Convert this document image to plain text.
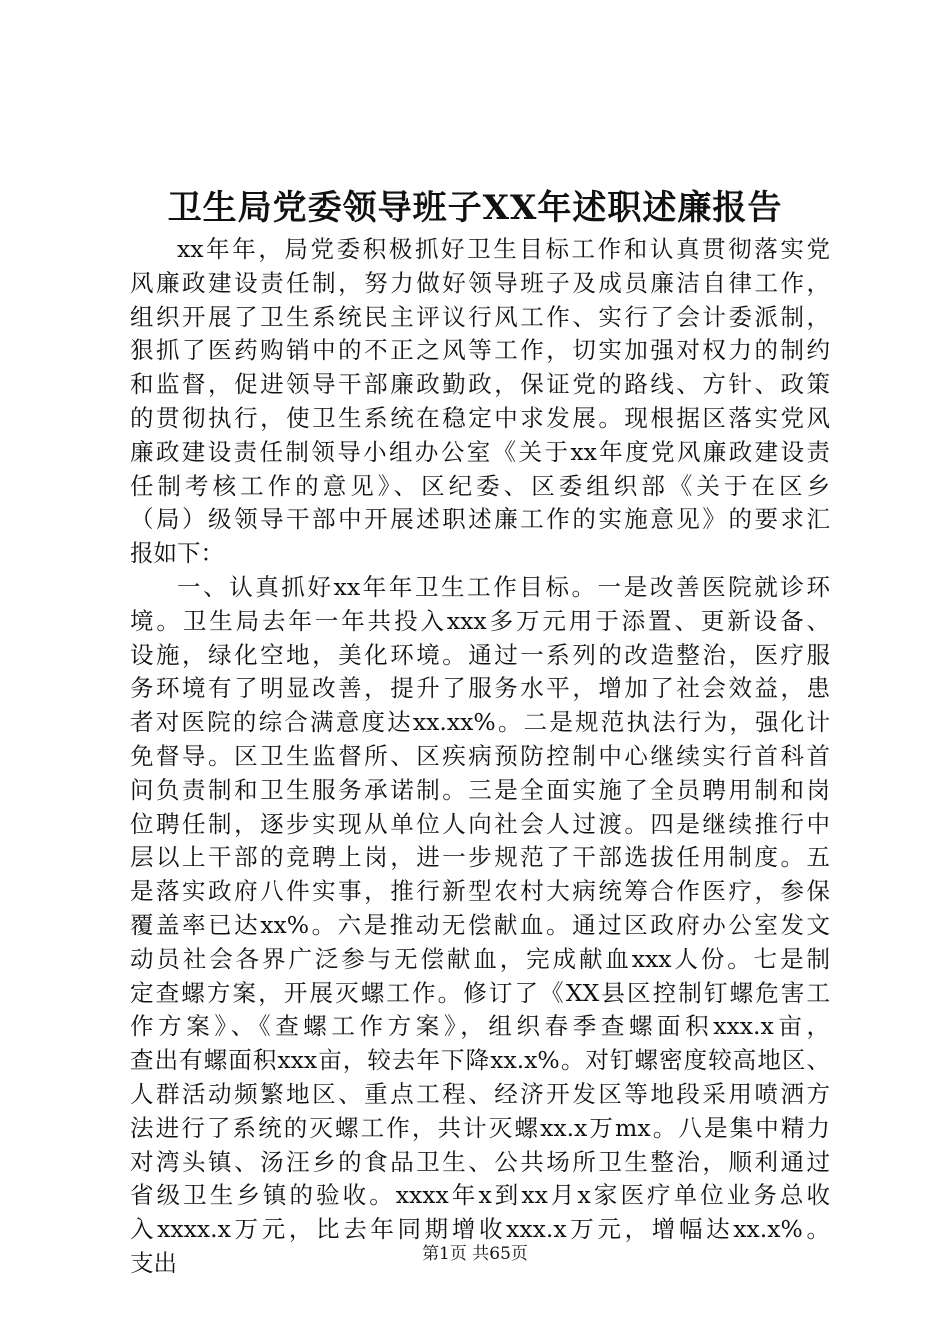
卫生局党委领导班子XX年述职述廉报告
xx年年，局党委积极抓好卫生目标工作和认真贯彻落实党
风廉政建设责任制，努力做好领导班子及成员廉洁自律工作，
组织开展了卫生系统民主评议行风工作、实行了会计委派制，
狠抓了医药购销中的不正之风等工作，切实加强对权力的制约
和监督，促进领导干部廉政勤政，保证党的路线、方针、政策
的贯彻执行，使卫生系统在稳定中求发展。现根据区落实党风
廉政建设责任制领导小组办公室《关于xx年度党风廉政建设责
任制考核工作的意见》、区纪委、区委组织部《关于在区乡
（局）级领导干部中开展述职述廉工作的实施意见》的要求汇
报如下：
一、认真抓好xx年年卫生工作目标。一是改善医院就诊环
境。卫生局去年一年共投入xxx多万元用于添置、更新设备、
设施，绿化空地，美化环境。通过一系列的改造整治，医疗服
务环境有了明显改善，提升了服务水平，增加了社会效益，患
者对医院的综合满意度达xx.xx%。二是规范执法行为，强化计
免督导。区卫生监督所、区疾病预防控制中心继续实行首科首
问负责制和卫生服务承诺制。三是全面实施了全员聘用制和岗
位聘任制，逐步实现从单位人向社会人过渡。四是继续推行中
层以上干部的竞聘上岗，进一步规范了干部选拔任用制度。五
是落实政府八件实事，推行新型农村大病统筹合作医疗，参保
覆盖率已达xx%。六是推动无偿献血。通过区政府办公室发文
动员社会各界广泛参与无偿献血，完成献血xxx人份。七是制
定查螺方案，开展灭螺工作。修订了《XX县区控制钉螺危害工
作方案》、《查螺工作方案》，组织春季查螺面积xxx.x亩，
查出有螺面积xxx亩，较去年下降xx.x%。对钉螺密度较高地区、
人群活动频繁地区、重点工程、经济开发区等地段采用喷洒方
法进行了系统的灭螺工作，共计灭螺xx.x万mx。八是集中精力
对湾头镇、汤汪乡的食品卫生、公共场所卫生整治，顺利通过
省级卫生乡镇的验收。xxxx年x到xx月x家医疗单位业务总收
入xxxx.x万元，比去年同期增收xxx.x万元，增幅达xx.x%。
支出	第1页 共65页
